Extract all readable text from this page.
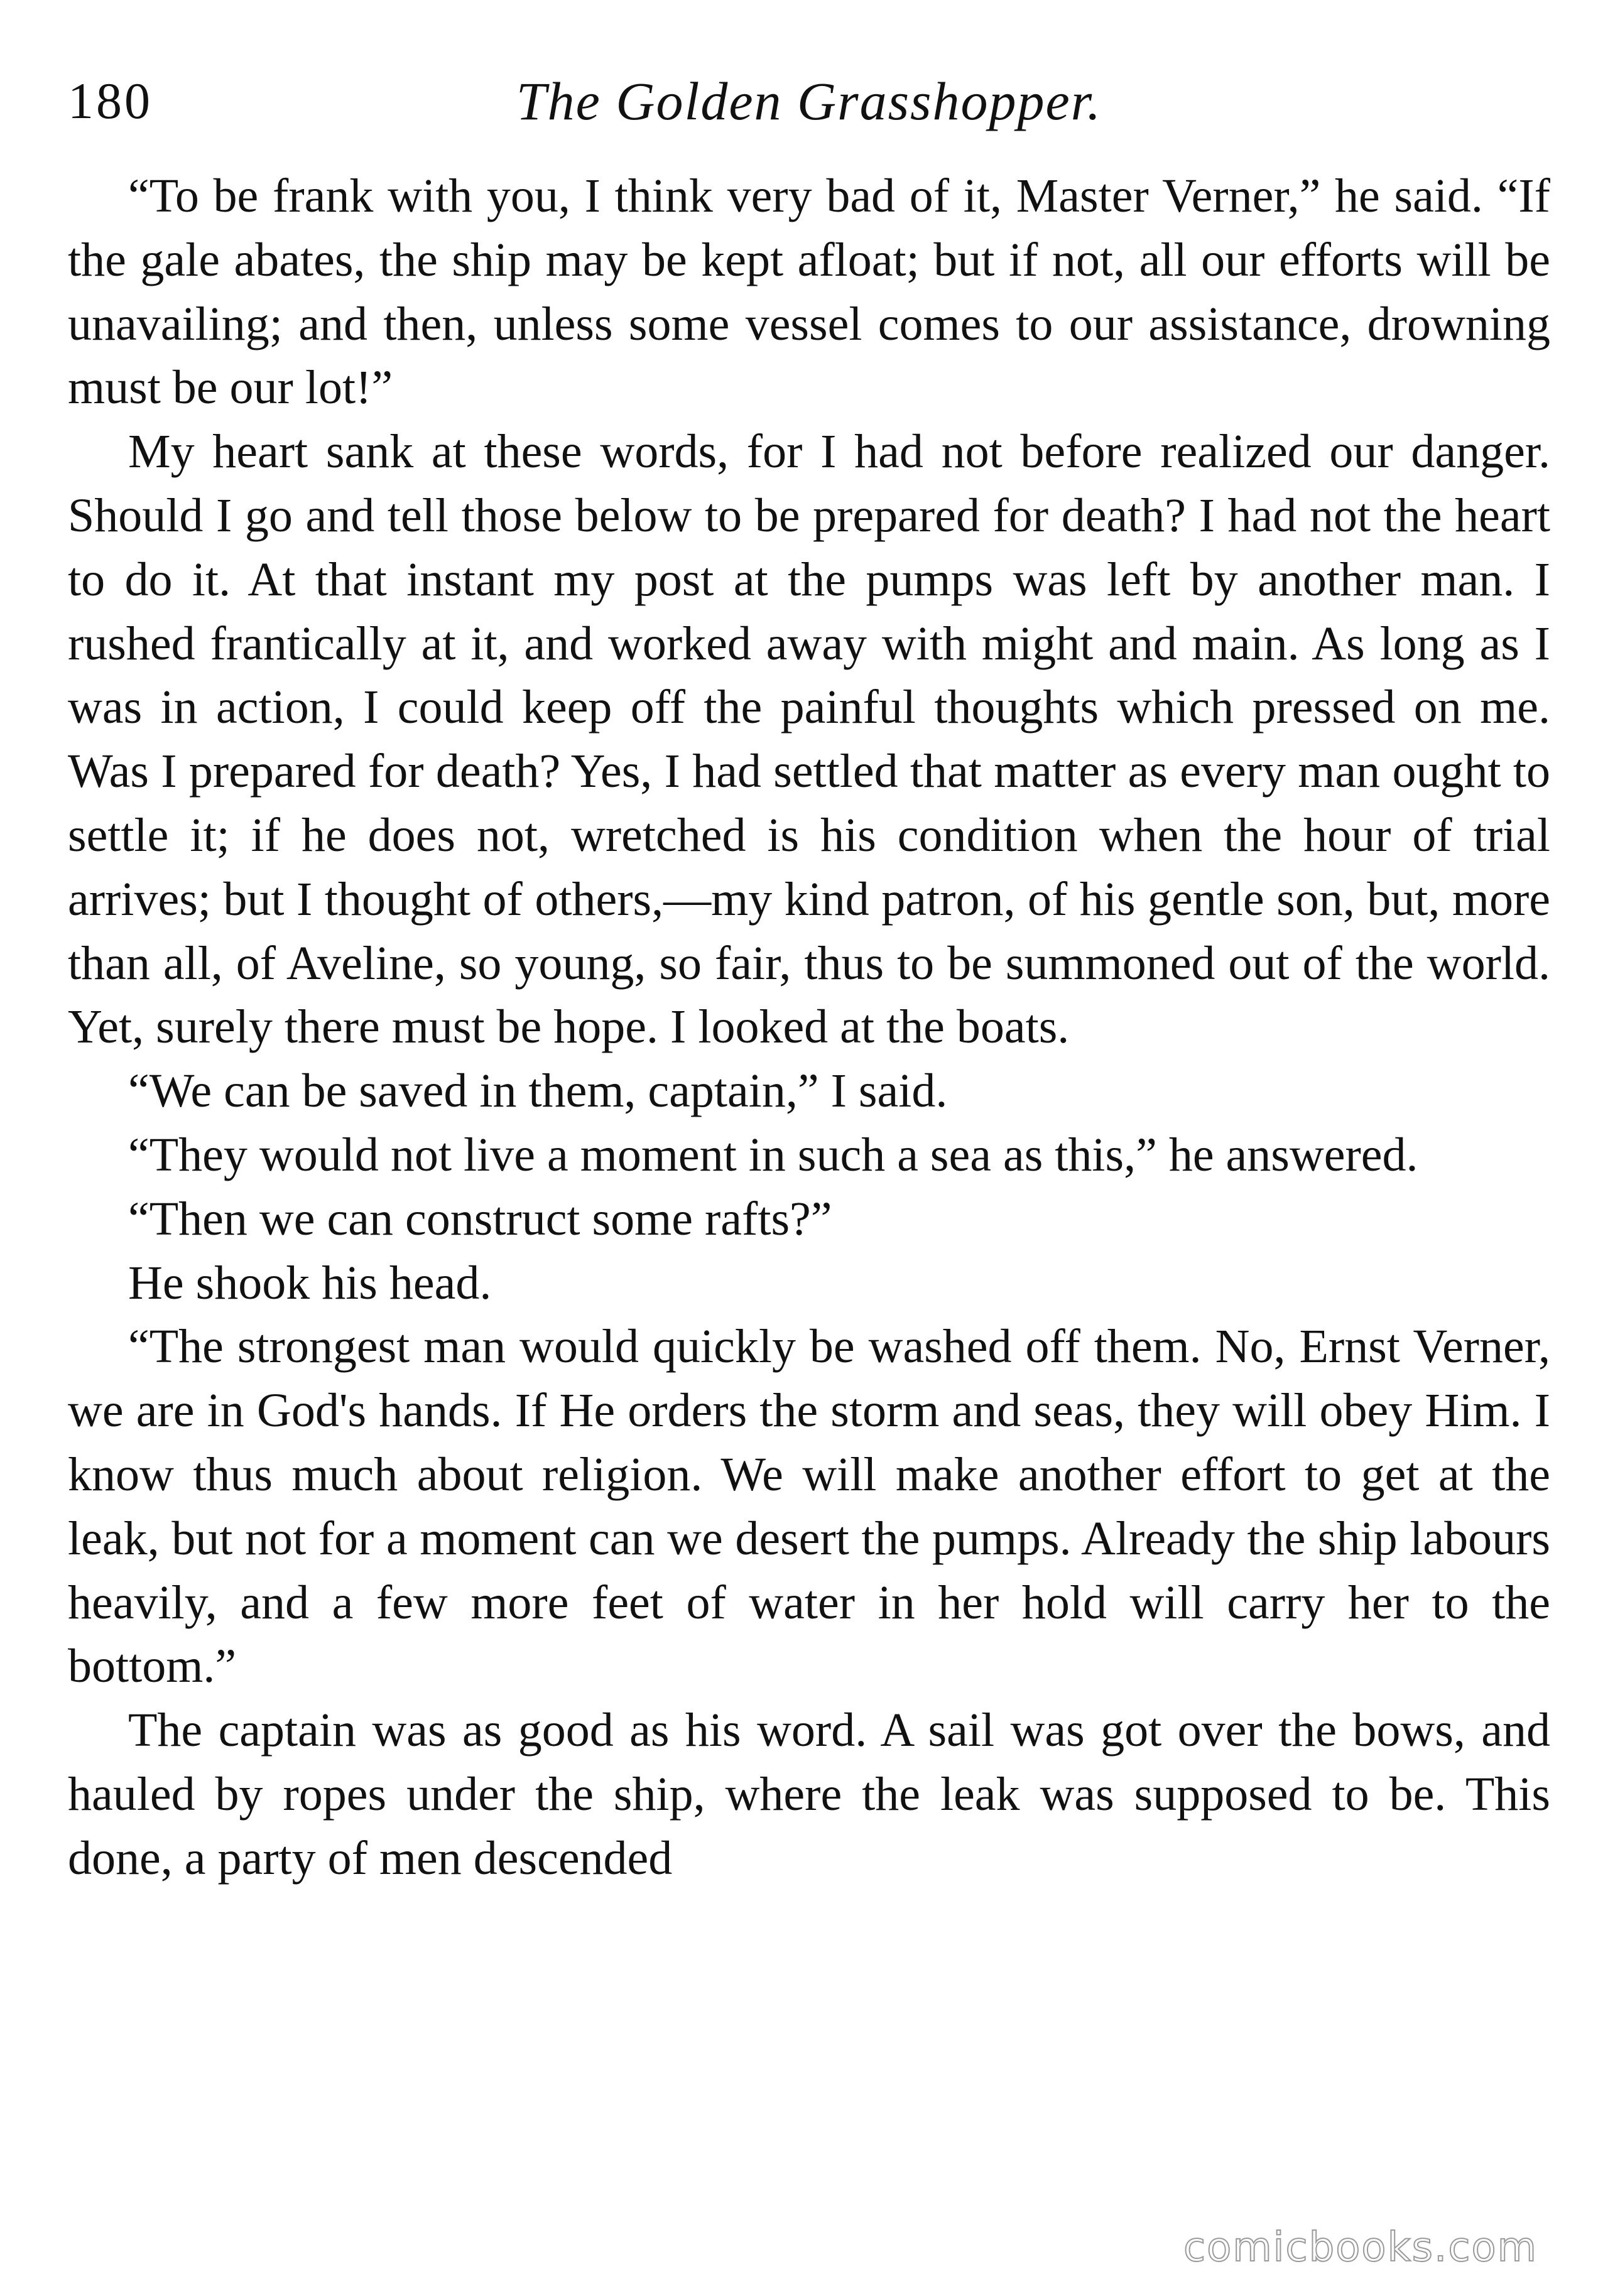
180	The Golden Grasshopper.

“To be frank with you, I think very bad of it, Master Verner,” he said. “If the gale abates, the ship may be kept afloat; but if not, all our efforts will be unavailing; and then, unless some vessel comes to our assistance, drowning must be our lot!”

My heart sank at these words, for I had not before realized our danger. Should I go and tell those below to be prepared for death? I had not the heart to do it. At that instant my post at the pumps was left by another man. I rushed frantically at it, and worked away with might and main. As long as I was in action, I could keep off the painful thoughts which pressed on me. Was I prepared for death? Yes, I had settled that matter as every man ought to settle it; if he does not, wretched is his condition when the hour of trial arrives; but I thought of others,—my kind patron, of his gentle son, but, more than all, of Aveline, so young, so fair, thus to be summoned out of the world. Yet, surely there must be hope. I looked at the boats.

“We can be saved in them, captain,” I said.

“They would not live a moment in such a sea as this,” he answered.

“Then we can construct some rafts?”

He shook his head.

“The strongest man would quickly be washed off them. No, Ernst Verner, we are in God's hands. If He orders the storm and seas, they will obey Him. I know thus much about religion. We will make another effort to get at the leak, but not for a moment can we desert the pumps. Already the ship labours heavily, and a few more feet of water in her hold will carry her to the bottom.”

The captain was as good as his word. A sail was got over the bows, and hauled by ropes under the ship, where the leak was supposed to be. This done, a party of men descended

comicbooks.com
